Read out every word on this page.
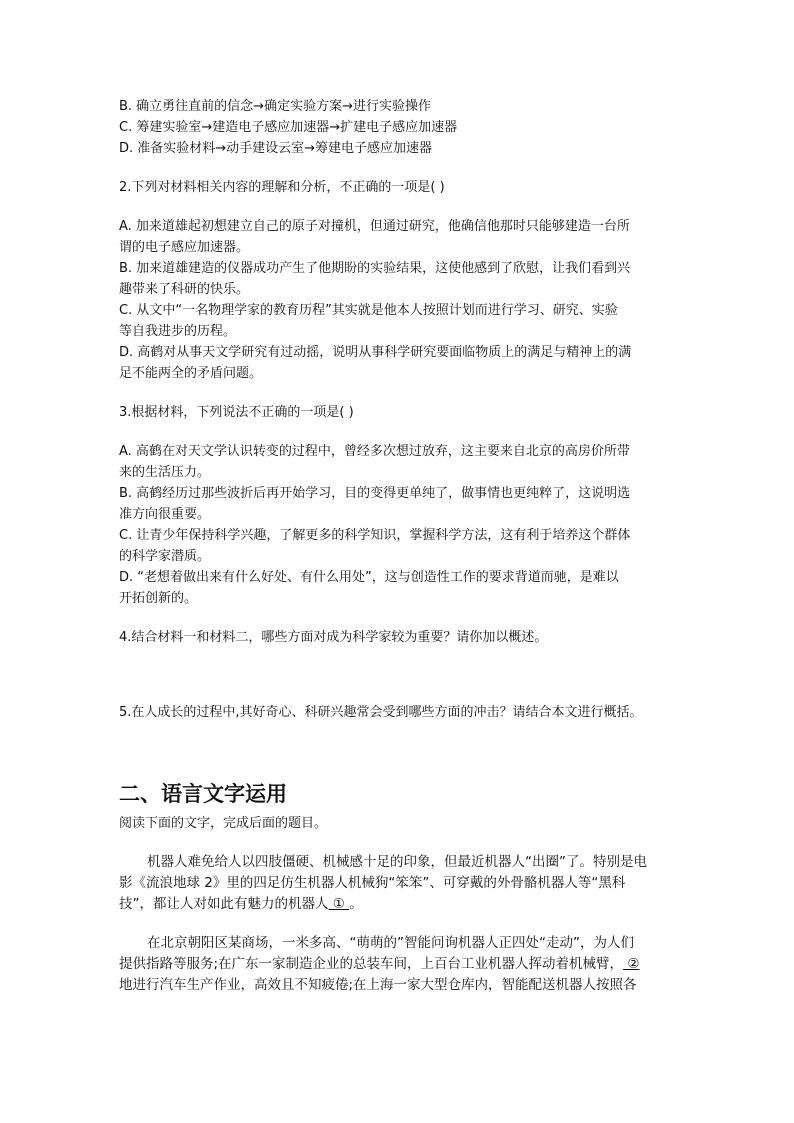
B. 确立勇往直前的信念→确定实验方案→进行实验操作
C. 筹建实验室→建造电子感应加速器→扩建电子感应加速器
D. 准备实验材料→动手建设云室→筹建电子感应加速器
2.下列对材料相关内容的理解和分析，不正确的一项是( )
A. 加来道雄起初想建立自己的原子对撞机，但通过研究，他确信他那时只能够建造一台所
谓的电子感应加速器。
B. 加来道雄建造的仪器成功产生了他期盼的实验结果，这使他感到了欣慰，让我们看到兴
趣带来了科研的快乐。
C. 从文中“一名物理学家的教育历程”其实就是他本人按照计划而进行学习、研究、实验
等自我进步的历程。
D. 高鹤对从事天文学研究有过动摇，说明从事科学研究要面临物质上的满足与精神上的满
足不能两全的矛盾问题。
3.根据材料，下列说法不正确的一项是( )
A. 高鹤在对天文学认识转变的过程中，曾经多次想过放弃，这主要来自北京的高房价所带
来的生活压力。
B. 高鹤经历过那些波折后再开始学习，目的变得更单纯了，做事情也更纯粹了，这说明选
准方向很重要。
C. 让青少年保持科学兴趣，了解更多的科学知识，掌握科学方法，这有利于培养这个群体
的科学家潜质。
D. “老想着做出来有什么好处、有什么用处”，这与创造性工作的要求背道而驰，是难以
开拓创新的。
4.结合材料一和材料二，哪些方面对成为科学家较为重要？请你加以概述。
5.在人成长的过程中,其好奇心、科研兴趣常会受到哪些方面的冲击？请结合本文进行概括。
二、语言文字运用
阅读下面的文字，完成后面的题目。
机器人难免给人以四肢僵硬、机械感十足的印象，但最近机器人“出圈”了。特别是电
影《流浪地球 2》里的四足仿生机器人机械狗“笨笨”、可穿戴的外骨骼机器人等“黑科
技”，都让人对如此有魅力的机器人 ① 。
在北京朝阳区某商场，一米多高、“萌萌的”智能问询机器人正四处“走动”，为人们
提供指路等服务;在广东一家制造企业的总装车间，上百台工业机器人挥动着机械臂， ②
地进行汽车生产作业，高效且不知疲倦;在上海一家大型仓库内，智能配送机器人按照各
